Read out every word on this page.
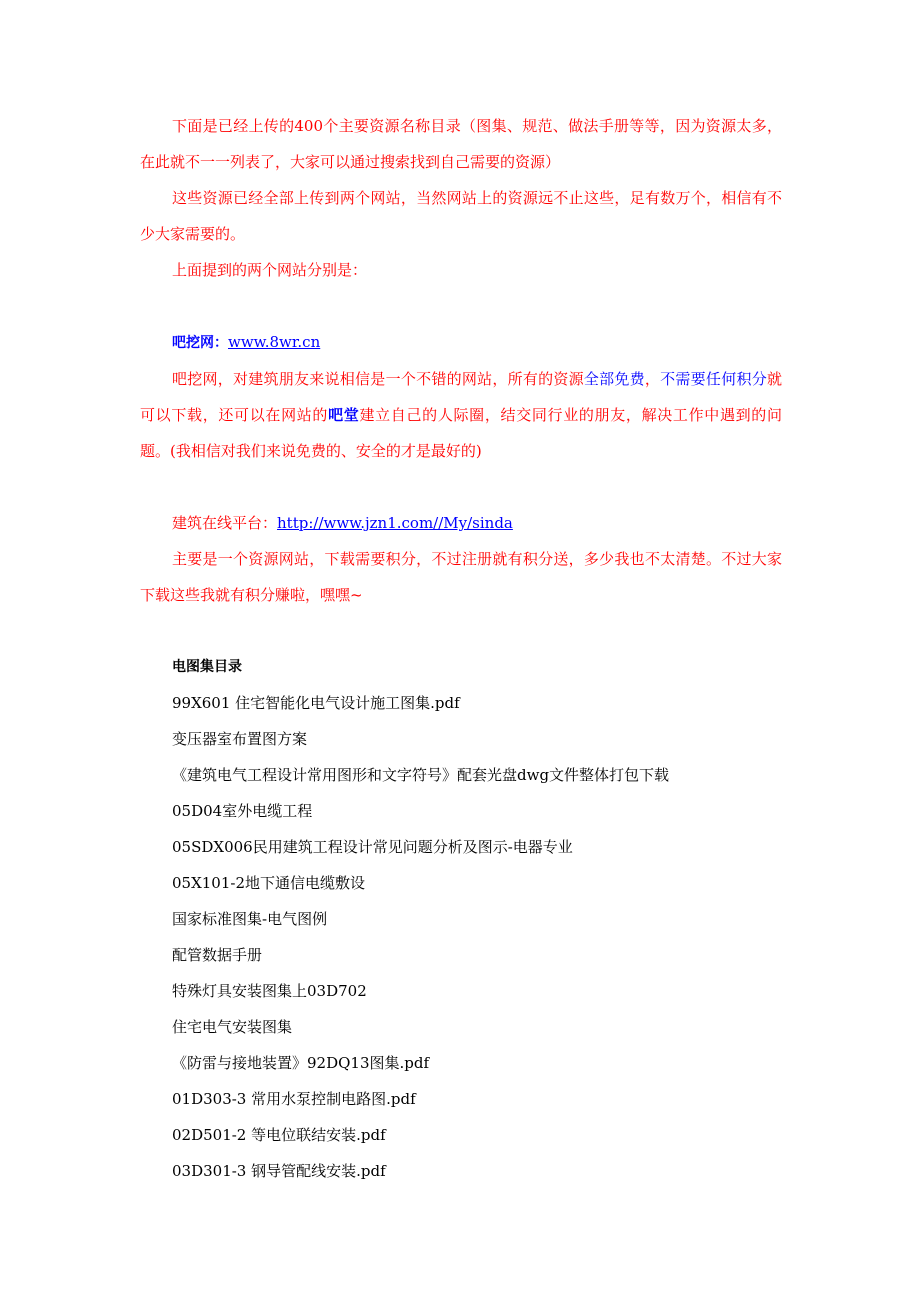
下面是已经上传的400个主要资源名称目录（图集、规范、做法手册等等，因为资源太多，在此就不一一列表了，大家可以通过搜索找到自己需要的资源）

这些资源已经全部上传到两个网站，当然网站上的资源远不止这些，足有数万个，相信有不少大家需要的。

上面提到的两个网站分别是：

吧挖网：www.8wr.cn

吧挖网，对建筑朋友来说相信是一个不错的网站，所有的资源全部免费，不需要任何积分就可以下载，还可以在网站的吧堂建立自己的人际圈，结交同行业的朋友，解决工作中遇到的问题。(我相信对我们来说免费的、安全的才是最好的)

建筑在线平台：http://www.jzn1.com//My/sinda

主要是一个资源网站，下载需要积分，不过注册就有积分送，多少我也不太清楚。不过大家下载这些我就有积分赚啦，嘿嘿~

电图集目录

99X601 住宅智能化电气设计施工图集.pdf

变压器室布置图方案

《建筑电气工程设计常用图形和文字符号》配套光盘dwg文件整体打包下载

05D04室外电缆工程

05SDX006民用建筑工程设计常见问题分析及图示-电器专业

05X101-2地下通信电缆敷设

国家标准图集-电气图例

配管数据手册

特殊灯具安装图集上03D702

住宅电气安装图集

《防雷与接地装置》92DQ13图集.pdf

01D303-3 常用水泵控制电路图.pdf

02D501-2 等电位联结安装.pdf

03D301-3 钢导管配线安装.pdf
